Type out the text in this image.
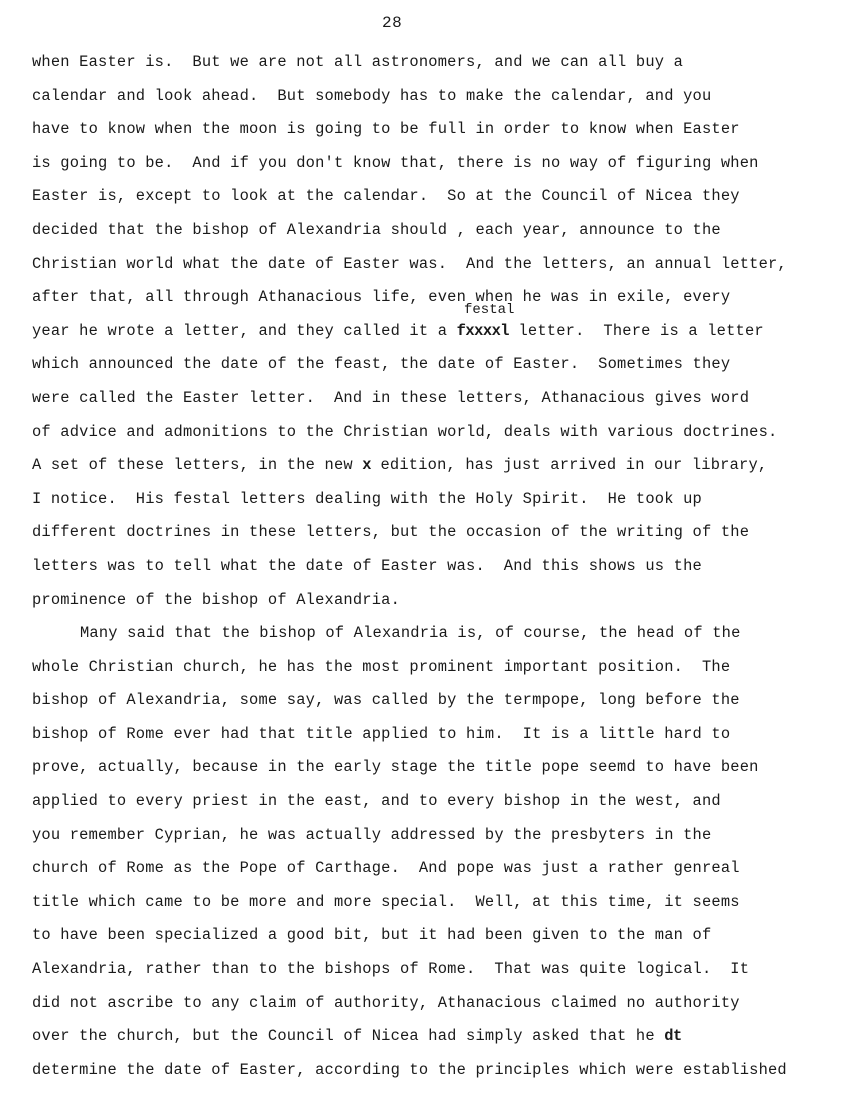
28
festal
when Easter is.  But we are not all astronomers, and we can all buy a
calendar and look ahead.  But somebody has to make the calendar, and you
have to know when the moon is going to be full in order to know when Easter
is going to be.  And if you don't know that, there is no way of figuring when
Easter is, except to look at the calendar.  So at the Council of Nicea they
decided that the bishop of Alexandria should , each year, announce to the
Christian world what the date of Easter was.  And the letters, an annual letter,
after that, all through Athanacious life, even when he was in exile, every
year he wrote a letter, and they called it a fxxxxl letter.  There is a letter
which announced the date of the feast, the date of Easter.  Sometimes they
were called the Easter letter.  And in these letters, Athanacious gives word
of advice and admonitions to the Christian world, deals with various doctrines.
A set of these letters, in the new x edition, has just arrived in our library,
I notice.  His festal letters dealing with the Holy Spirit.  He took up
different doctrines in these letters, but the occasion of the writing of the
letters was to tell what the date of Easter was.  And this shows us the
prominence of the bishop of Alexandria.
Many said that the bishop of Alexandria is, of course, the head of the
whole Christian church, he has the most prominent important position.  The
bishop of Alexandria, some say, was called by the termpope, long before the
bishop of Rome ever had that title applied to him.  It is a little hard to
prove, actually, because in the early stage the title pope seemd to have been
applied to every priest in the east, and to every bishop in the west, and
you remember Cyprian, he was actually addressed by the presbyters in the
church of Rome as the Pope of Carthage.  And pope was just a rather genreal
title which came to be more and more special.  Well, at this time, it seems
to have been specialized a good bit, but it had been given to the man of
Alexandria, rather than to the bishops of Rome.  That was quite logical.  It
did not ascribe to any claim of authority, Athanacious claimed no authority
over the church, but the Council of Nicea had simply asked that he dt
determine the date of Easter, according to the principles which were established
